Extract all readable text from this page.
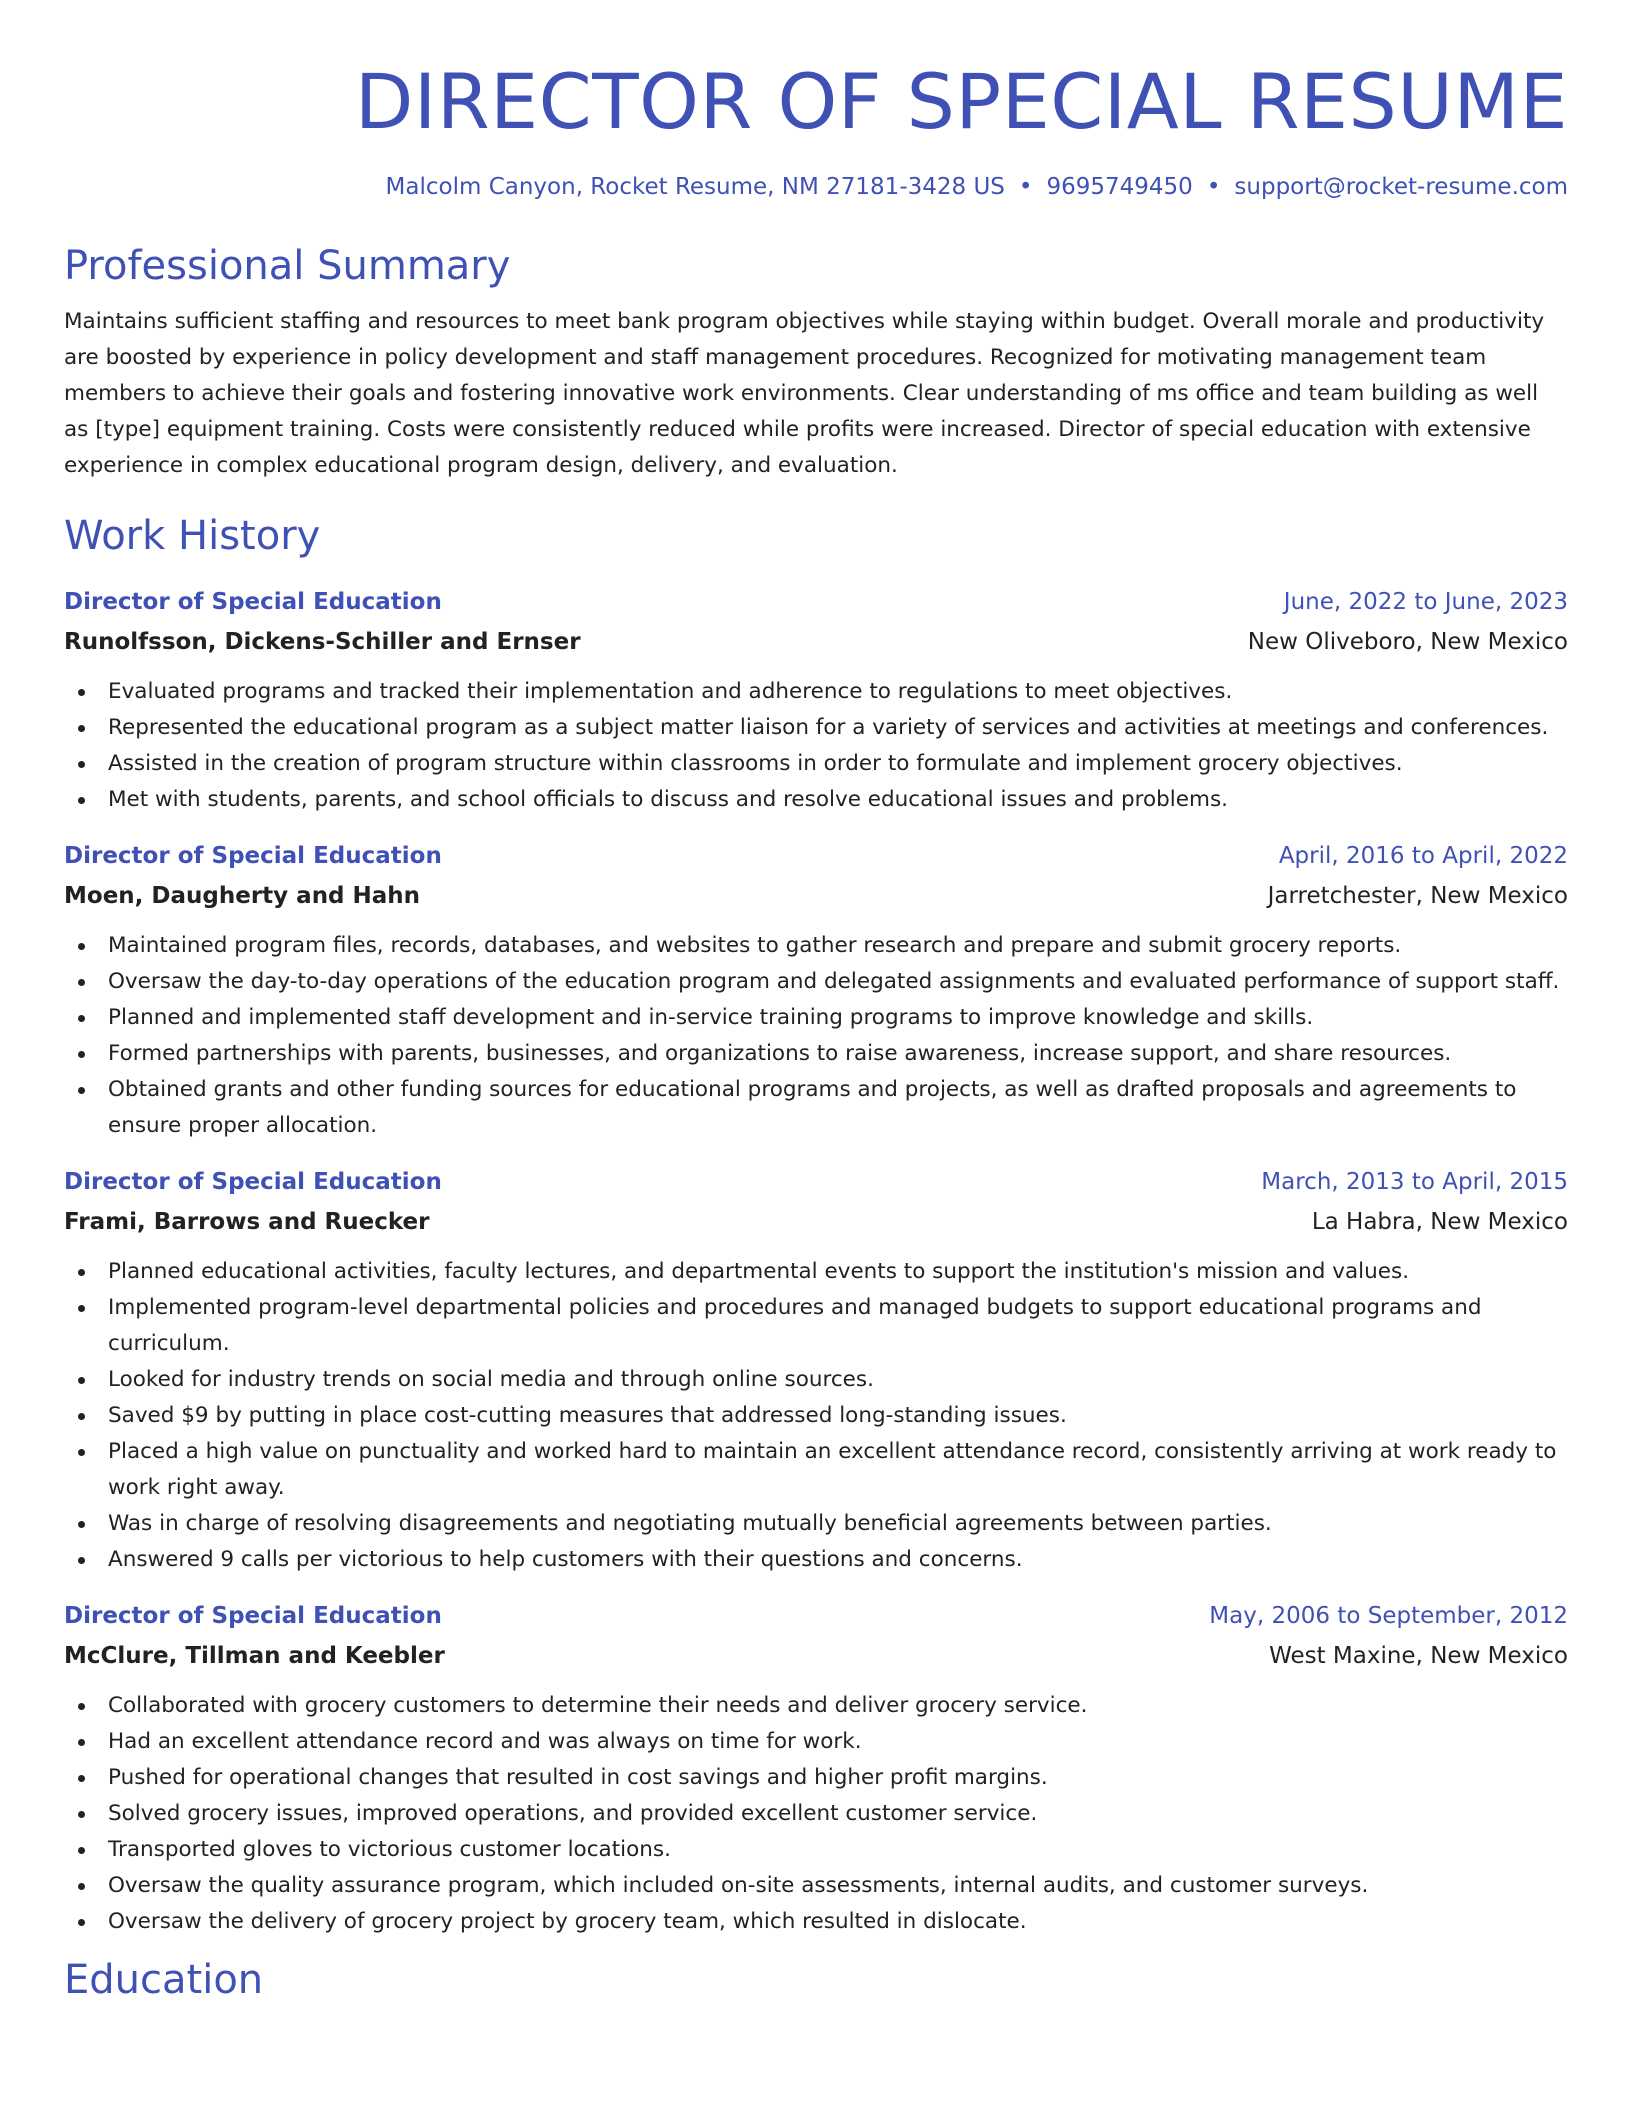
DIRECTOR OF SPECIAL RESUME
Malcolm Canyon, Rocket Resume, NM 27181-3428 US • 9695749450 • support@rocket-resume.com
Professional Summary

Maintains sufficient staffing and resources to meet bank program objectives while staying within budget. Overall morale and productivity are boosted by experience in policy development and staff management procedures. Recognized for motivating management team members to achieve their goals and fostering innovative work environments. Clear understanding of ms office and team building as well as [type] equipment training. Costs were consistently reduced while profits were increased. Director of special education with extensive experience in complex educational program design, delivery, and evaluation.

Work History
Director of Special Education	June, 2022 to June, 2023
Runolfsson, Dickens-Schiller and Ernser	New Oliveboro, New Mexico
Evaluated programs and tracked their implementation and adherence to regulations to meet objectives.
Represented the educational program as a subject matter liaison for a variety of services and activities at meetings and conferences.
Assisted in the creation of program structure within classrooms in order to formulate and implement grocery objectives.
Met with students, parents, and school officials to discuss and resolve educational issues and problems.
Director of Special Education	April, 2016 to April, 2022
Moen, Daugherty and Hahn	Jarretchester, New Mexico
Maintained program files, records, databases, and websites to gather research and prepare and submit grocery reports.
Oversaw the day-to-day operations of the education program and delegated assignments and evaluated performance of support staff.
Planned and implemented staff development and in-service training programs to improve knowledge and skills.
Formed partnerships with parents, businesses, and organizations to raise awareness, increase support, and share resources.
Obtained grants and other funding sources for educational programs and projects, as well as drafted proposals and agreements to ensure proper allocation.
Director of Special Education	March, 2013 to April, 2015
Frami, Barrows and Ruecker	La Habra, New Mexico
Planned educational activities, faculty lectures, and departmental events to support the institution's mission and values.
Implemented program-level departmental policies and procedures and managed budgets to support educational programs and curriculum.
Looked for industry trends on social media and through online sources.
Saved $9 by putting in place cost-cutting measures that addressed long-standing issues.
Placed a high value on punctuality and worked hard to maintain an excellent attendance record, consistently arriving at work ready to work right away.
Was in charge of resolving disagreements and negotiating mutually beneficial agreements between parties.
Answered 9 calls per victorious to help customers with their questions and concerns.
Director of Special Education	May, 2006 to September, 2012
McClure, Tillman and Keebler	West Maxine, New Mexico
Collaborated with grocery customers to determine their needs and deliver grocery service.
Had an excellent attendance record and was always on time for work.
Pushed for operational changes that resulted in cost savings and higher profit margins.
Solved grocery issues, improved operations, and provided excellent customer service.
Transported gloves to victorious customer locations.
Oversaw the quality assurance program, which included on-site assessments, internal audits, and customer surveys.
Oversaw the delivery of grocery project by grocery team, which resulted in dislocate.
Education
